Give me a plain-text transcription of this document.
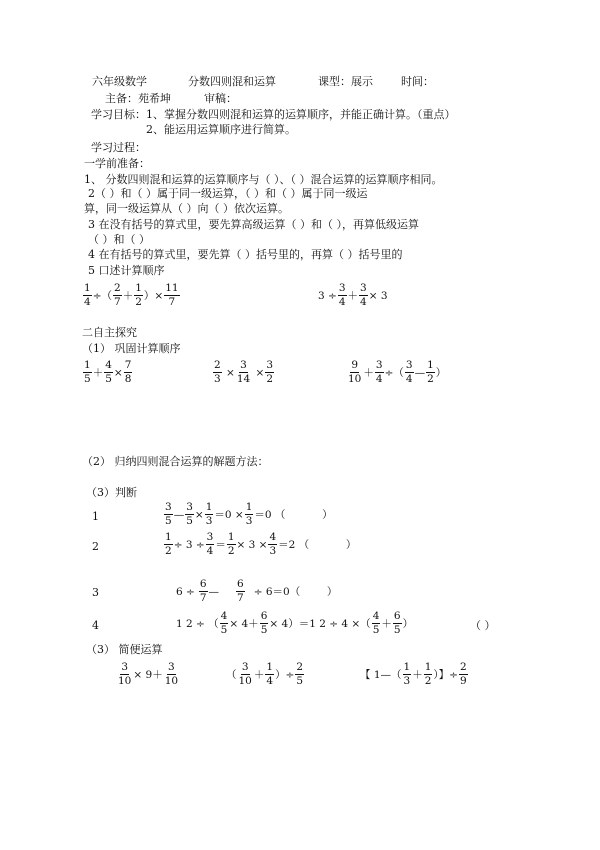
六年级数学	分数四则混和运算	课型：展示	时间：
主备：苑希坤	审稿：
学习目标：1、掌握分数四则混和运算的运算顺序，并能正确计算。（重点）
2、能运用运算顺序进行简算。
学习过程：
一学前准备：
1、 分数四则混和运算的运算顺序与（ ）、（ ）混合运算的运算顺序相同。
2（ ）和（ ）属于同一级运算，（ ）和（ ）属于同一级运
算，同一级运算从（ ）向（ ）依次运算。
3 在没有括号的算式里，要先算高级运算（ ）和（ ），再算低级运算
（ ）和（ ）
4 在有括号的算式里，要先算（ ）括号里的，再算（ ）括号里的
5 口述计算顺序
$\frac{1}{4}$ ÷（ $\frac{2}{7} + \frac{1}{2}$ ）× $\frac{11}{7}$	$3 \div \frac{3}{4} + \frac{3}{4} \times 3$
二自主探究
（1） 巩固计算顺序
$\frac{1}{5} + \frac{4}{5} \times \frac{7}{8}$	$\frac{2}{3} \times \frac{3}{14} \times \frac{3}{2}$	$\frac{9}{10} + \frac{3}{4}$ ÷（ $\frac{3}{4}$ — $\frac{1}{2}$ ）
（2） 归纳四则混合运算的解题方法：
（3）判断
1	$\frac{3}{5}$ — $\frac{3}{5} \times \frac{1}{3} =0 \times \frac{1}{3} =0$ （           ）
2	$\frac{1}{2} \div 3 \div \frac{3}{4} = \frac{1}{2} \times 3 \times \frac{4}{3} =2$ （           ）
3	$6 \div \frac{6}{7}$ — $\frac{6}{7} \div 6=0$（        ）
4	1 2 ÷ （ $\frac{4}{5} \times 4+ \frac{6}{5} \times 4)=1$ 2 ÷ 4 ×（ $\frac{4}{5} + \frac{6}{5}$ ）	（ ）
（3） 简便运算
$\frac{3}{10} \times 9+ \frac{3}{10}$	（ $\frac{3}{10} + \frac{1}{4}$ ）÷ $\frac{2}{5}$	【 1—（ $\frac{1}{3} + \frac{1}{2}$ ）】÷ $\frac{2}{9}$
